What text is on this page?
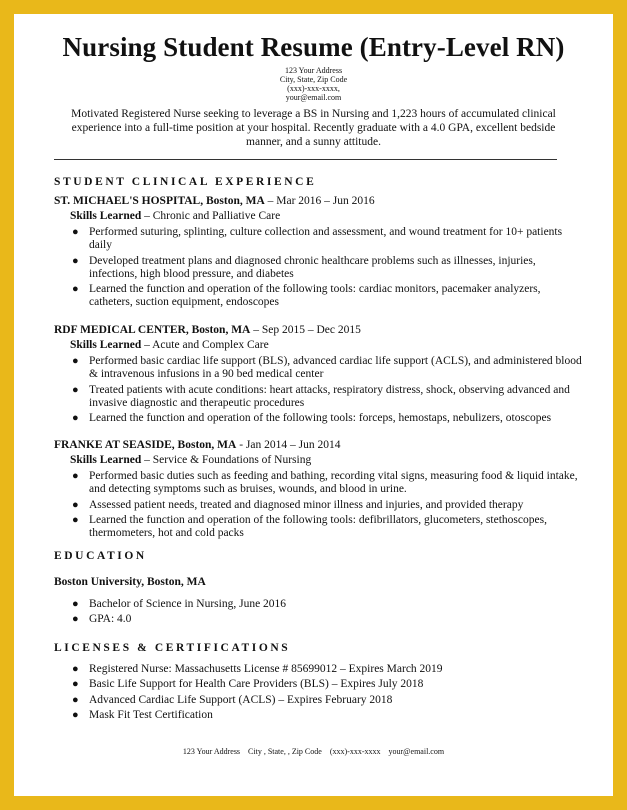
Nursing Student Resume (Entry-Level RN)
123 Your Address
City, State, Zip Code
(xxx)-xxx-xxxx,
your@email.com
Motivated Registered Nurse seeking to leverage a BS in Nursing and 1,223 hours of accumulated clinical experience into a full-time position at your hospital. Recently graduate with a 4.0 GPA, excellent bedside manner, and a sunny attitude.
STUDENT CLINICAL EXPERIENCE
ST. MICHAEL'S HOSPITAL, Boston, MA – Mar 2016 – Jun 2016
Skills Learned – Chronic and Palliative Care
● Performed suturing, splinting, culture collection and assessment, and wound treatment for 10+ patients daily
● Developed treatment plans and diagnosed chronic healthcare problems such as illnesses, injuries, infections, high blood pressure, and diabetes
● Learned the function and operation of the following tools: cardiac monitors, pacemaker analyzers, catheters, suction equipment, endoscopes
RDF MEDICAL CENTER, Boston, MA – Sep 2015 – Dec 2015
Skills Learned – Acute and Complex Care
● Performed basic cardiac life support (BLS), advanced cardiac life support (ACLS), and administered blood & intravenous infusions in a 90 bed medical center
● Treated patients with acute conditions: heart attacks, respiratory distress, shock, observing advanced and invasive diagnostic and therapeutic procedures
● Learned the function and operation of the following tools: forceps, hemostaps, nebulizers, otoscopes
FRANKE AT SEASIDE, Boston, MA - Jan 2014 – Jun 2014
Skills Learned – Service & Foundations of Nursing
● Performed basic duties such as feeding and bathing, recording vital signs, measuring food & liquid intake, and detecting symptoms such as bruises, wounds, and blood in urine.
● Assessed patient needs, treated and diagnosed minor illness and injuries, and provided therapy
● Learned the function and operation of the following tools: defibrillators, glucometers, stethoscopes, thermometers, hot and cold packs
EDUCATION
Boston University, Boston, MA
● Bachelor of Science in Nursing, June 2016
● GPA: 4.0
LICENSES & CERTIFICATIONS
● Registered Nurse: Massachusetts License # 85699012 – Expires March 2019
● Basic Life Support for Health Care Providers (BLS) – Expires July 2018
● Advanced Cardiac Life Support (ACLS) – Expires February 2018
● Mask Fit Test Certification
123 Your Address City , State, , Zip Code (xxx)-xxx-xxxx your@email.com
